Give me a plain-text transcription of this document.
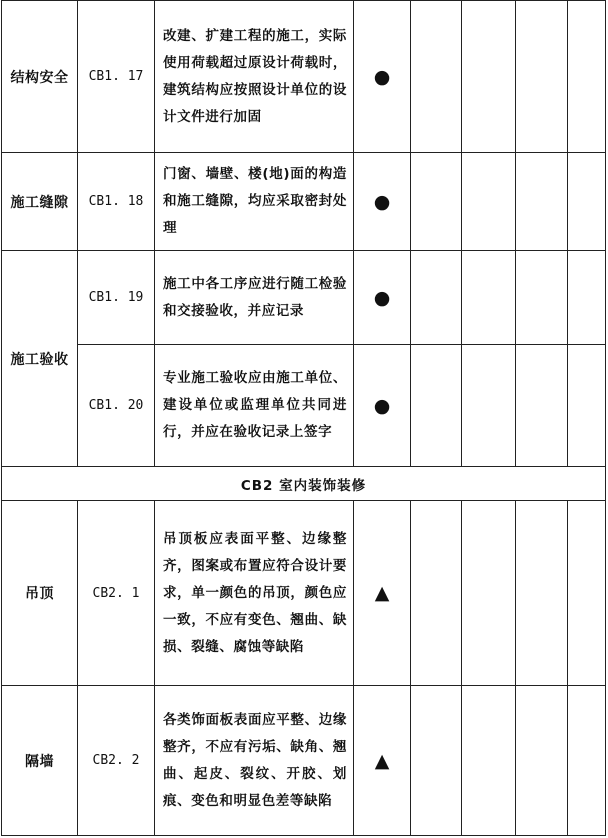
结构安全	CB1. 17	改建、扩建工程的施工，实际使用荷载超过原设计荷载时，建筑结构应按照设计单位的设计文件进行加固	●				
施工缝隙	CB1. 18	门窗、墙壁、楼(地)面的构造和施工缝隙，均应采取密封处理	●				
施工验收	CB1. 19	施工中各工序应进行随工检验和交接验收，并应记录	●				
	CB1. 20	专业施工验收应由施工单位、建设单位或监理单位共同进行，并应在验收记录上签字	●				
CB2 室内装饰装修							
吊顶	CB2. 1	吊顶板应表面平整、边缘整齐，图案或布置应符合设计要求，单一颜色的吊顶，颜色应一致，不应有变色、翘曲、缺损、裂缝、腐蚀等缺陷	▲				
隔墙	CB2. 2	各类饰面板表面应平整、边缘整齐，不应有污垢、缺角、翘曲、起皮、裂纹、开胶、划痕、变色和明显色差等缺陷	▲				
